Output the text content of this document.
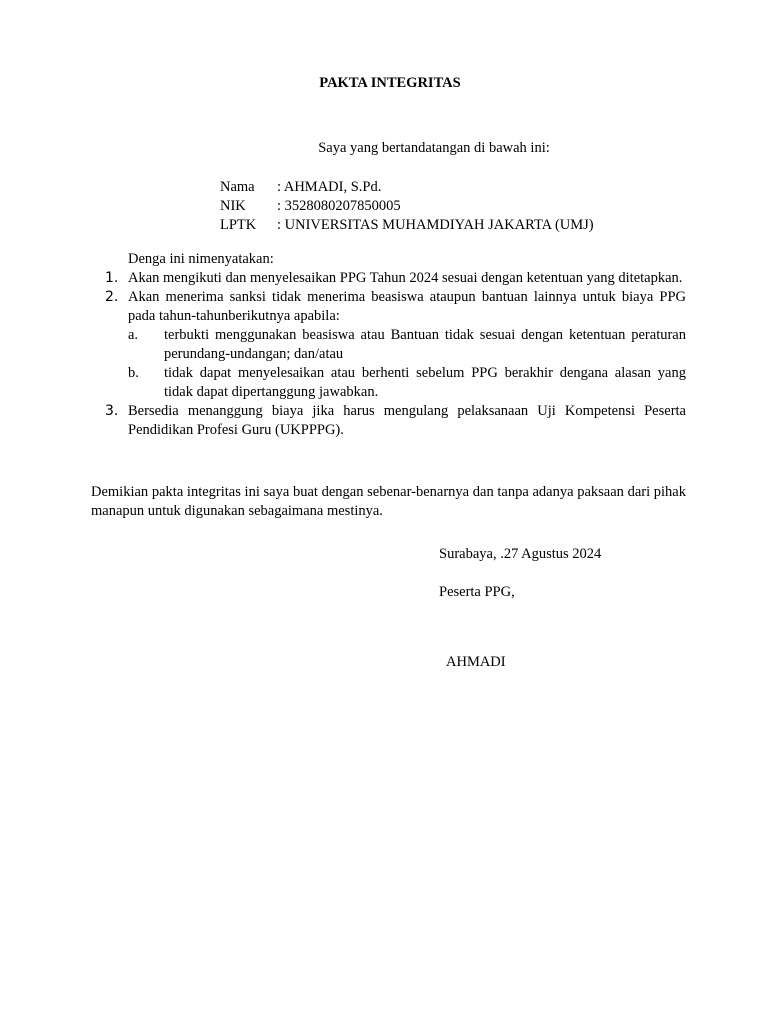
PAKTA INTEGRITAS
Saya yang bertandatangan di bawah ini:
Nama	: AHMADI, S.Pd.
NIK	: 3528080207850005
LPTK	: UNIVERSITAS MUHAMDIYAH JAKARTA (UMJ)
Denga ini nimenyatakan:
1. Akan mengikuti dan menyelesaikan PPG Tahun 2024 sesuai dengan ketentuan yang ditetapkan.
2. Akan menerima sanksi tidak menerima beasiswa ataupun bantuan lainnya untuk biaya PPG pada tahun-tahunberikutnya apabila:
a.	terbukti menggunakan beasiswa atau Bantuan tidak sesuai dengan ketentuan peraturan perundang-undangan; dan/atau
b.	tidak dapat menyelesaikan atau berhenti sebelum PPG berakhir dengana alasan yang tidak dapat dipertanggung jawabkan.
3. Bersedia menanggung biaya jika harus mengulang pelaksanaan Uji Kompetensi Peserta Pendidikan Profesi Guru (UKPPPG).
Demikian pakta integritas ini saya buat dengan sebenar-benarnya dan tanpa adanya paksaan dari pihak manapun untuk digunakan sebagaimana mestinya.
Surabaya, .27 Agustus 2024
Peserta PPG,
AHMADI
